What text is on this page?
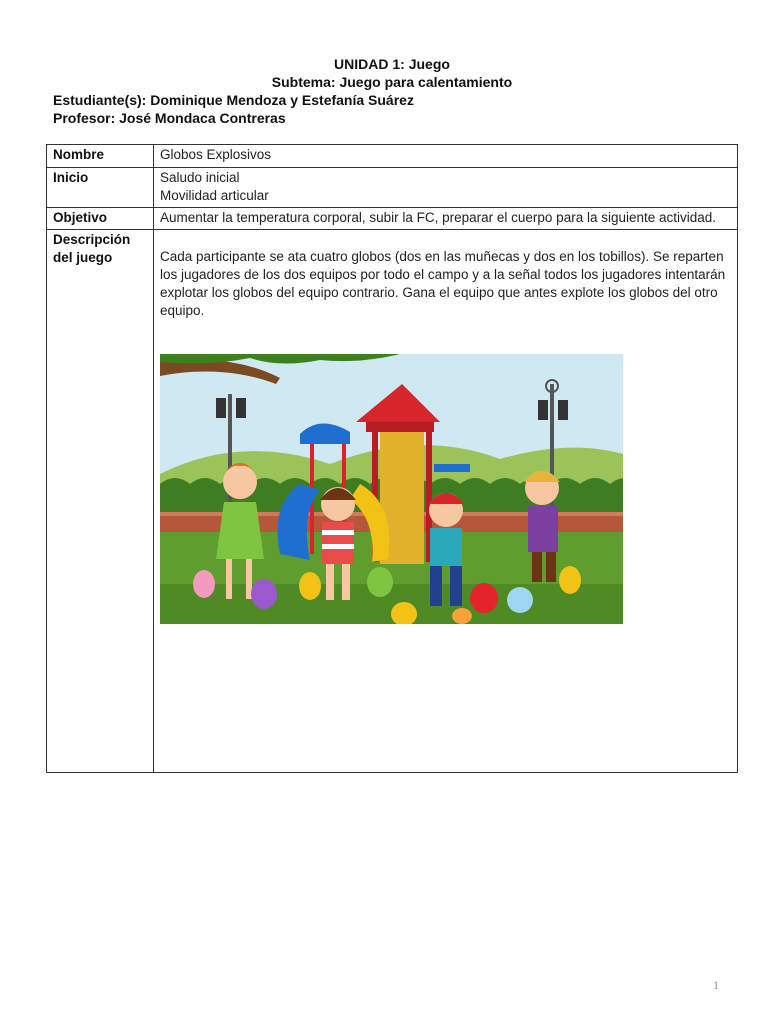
UNIDAD 1: Juego
Subtema: Juego para calentamiento
Estudiante(s): Dominique Mendoza y Estefanía Suárez
Profesor: José Mondaca Contreras
Nombre	Globos Explosivos
Inicio	Saludo inicial
Movilidad articular

Objetivo	Aumentar la temperatura corporal, subir la FC, preparar el cuerpo para la siguiente actividad.

Descripción
del juego	Cada participante se ata cuatro globos (dos en las muñecas y dos en los tobillos). Se reparten los jugadores de los dos equipos por todo el campo y a la señal todos los jugadores intentarán explotar los globos del equipo contrario. Gana el equipo que antes explote los globos del otro equipo.
1
